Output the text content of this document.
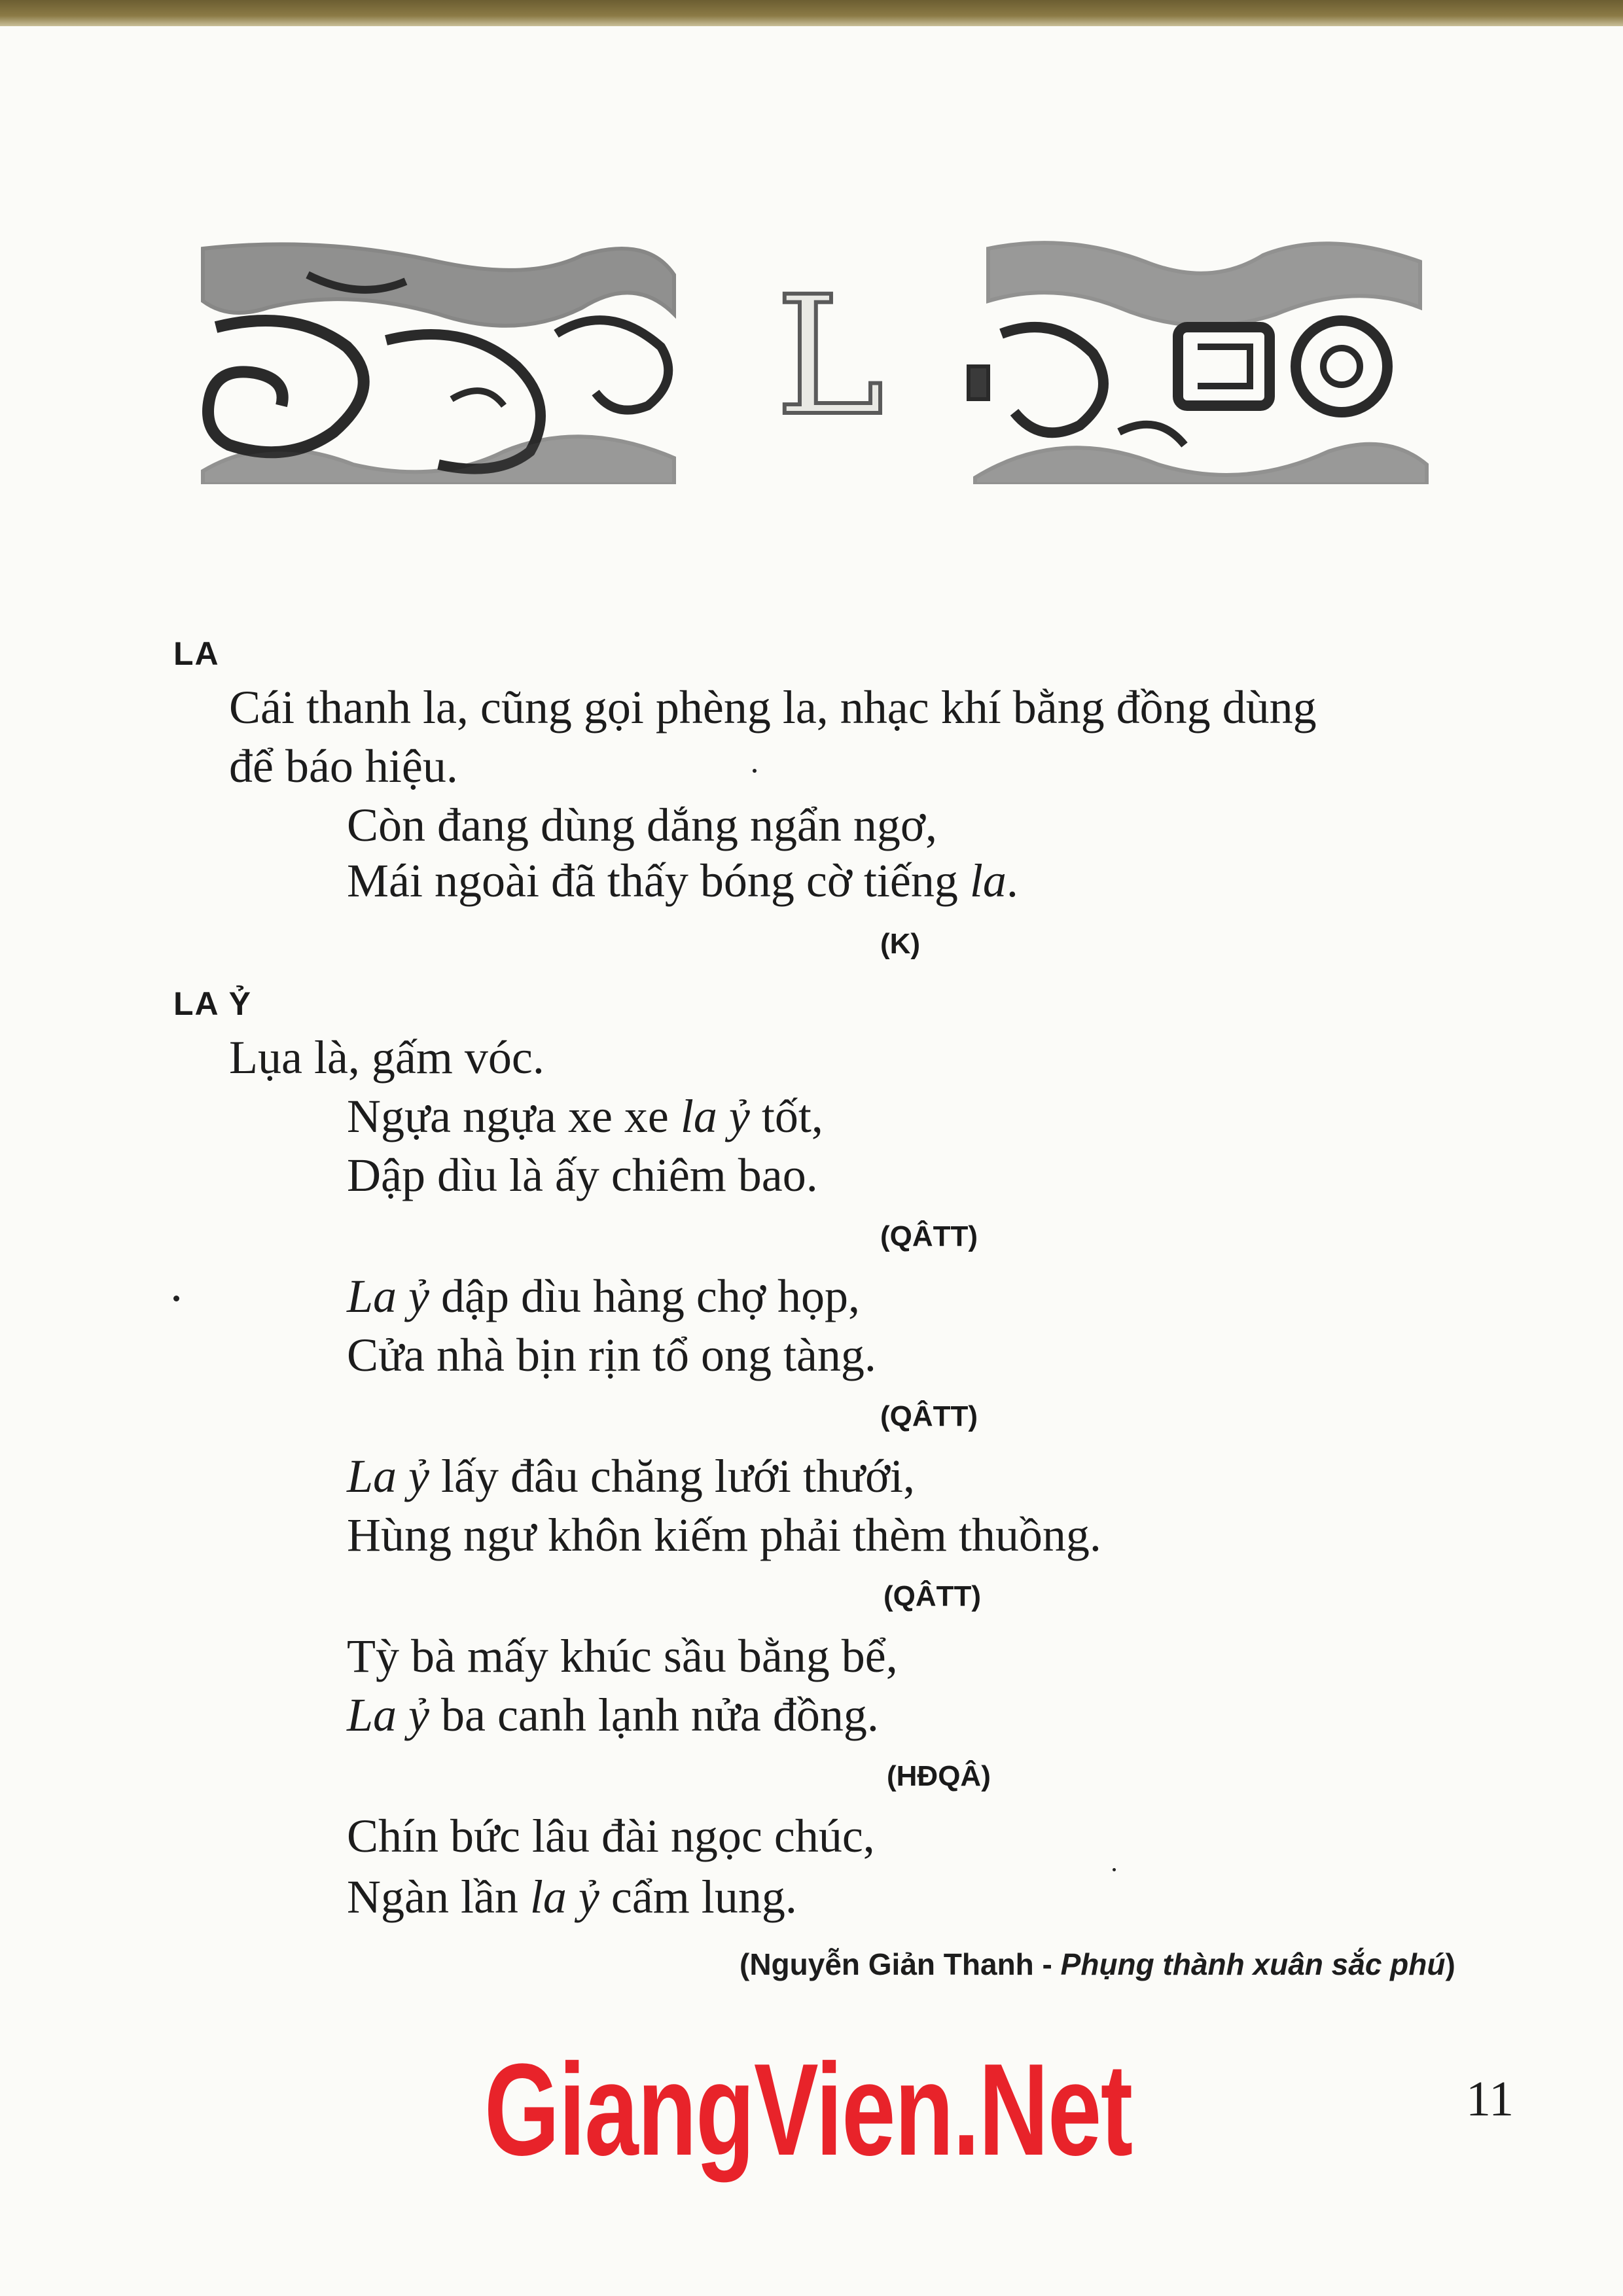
L
LA
Cái thanh la, cũng gọi phèng la, nhạc khí bằng đồng dùng
để báo hiệu.
Còn đang dùng dắng ngẩn ngơ,
Mái ngoài đã thấy bóng cờ tiếng la.
(K)
LA Ỷ
Lụa là, gấm vóc.
Ngựa ngựa xe xe la ỷ tốt,
Dập dìu là ấy chiêm bao.
(QÂTT)
La ỷ dập dìu hàng chợ họp,
Cửa nhà bịn rịn tổ ong tàng.
(QÂTT)
La ỷ lấy đâu chăng lưới thưới,
Hùng ngư khôn kiếm phải thèm thuồng.
(QÂTT)
Tỳ bà mấy khúc sầu bằng bể,
La ỷ ba canh lạnh nửa đồng.
(HĐQÂ)
Chín bức lâu đài ngọc chúc,
Ngàn lần la ỷ cẩm lung.
(Nguyễn Giản Thanh - Phụng thành xuân sắc phú)
GiangVien.Net	11
